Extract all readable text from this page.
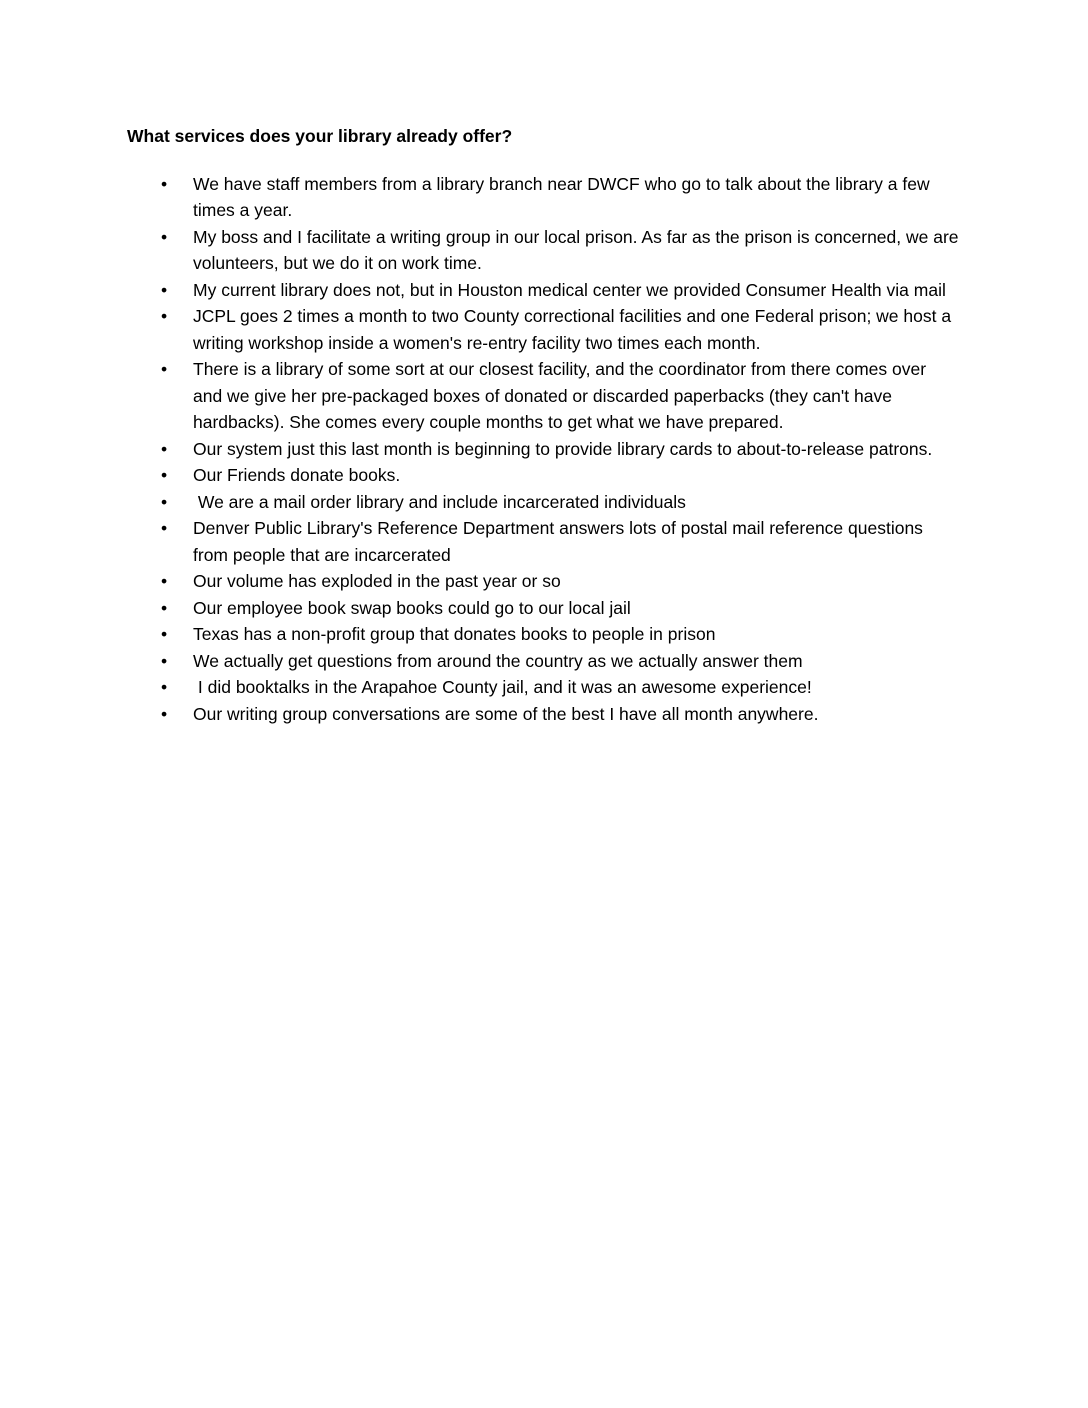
What services does your library already offer?
• We have staff members from a library branch near DWCF who go to talk about the library a few times a year.
• My boss and I facilitate a writing group in our local prison. As far as the prison is concerned, we are volunteers, but we do it on work time.
• My current library does not, but in Houston medical center we provided Consumer Health via mail
• JCPL goes 2 times a month to two County correctional facilities and one Federal prison; we host a writing workshop inside a women's re-entry facility two times each month.
• There is a library of some sort at our closest facility, and the coordinator from there comes over and we give her pre-packaged boxes of donated or discarded paperbacks (they can't have hardbacks). She comes every couple months to get what we have prepared.
• Our system just this last month is beginning to provide library cards to about-to-release patrons.
• Our Friends donate books.
•  We are a mail order library and include incarcerated individuals
• Denver Public Library's Reference Department answers lots of postal mail reference questions from people that are incarcerated
• Our volume has exploded in the past year or so
• Our employee book swap books could go to our local jail
• Texas has a non-profit group that donates books to people in prison
• We actually get questions from around the country as we actually answer them
•  I did booktalks in the Arapahoe County jail, and it was an awesome experience!
• Our writing group conversations are some of the best I have all month anywhere.
